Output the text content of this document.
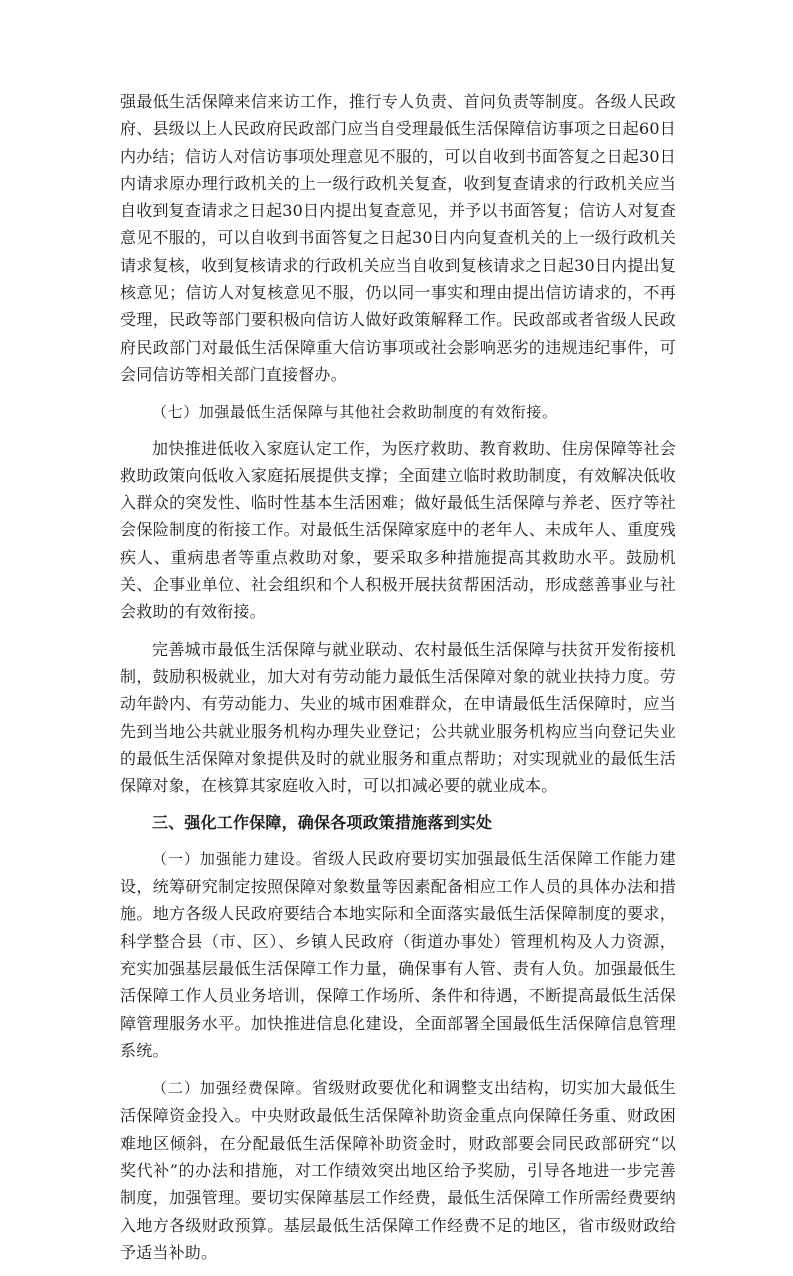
强最低生活保障来信来访工作，推行专人负责、首问负责等制度。各级人民政府、县级以上人民政府民政部门应当自受理最低生活保障信访事项之日起60日内办结；信访人对信访事项处理意见不服的，可以自收到书面答复之日起30日内请求原办理行政机关的上一级行政机关复查，收到复查请求的行政机关应当自收到复查请求之日起30日内提出复查意见，并予以书面答复；信访人对复查意见不服的，可以自收到书面答复之日起30日内向复查机关的上一级行政机关请求复核，收到复核请求的行政机关应当自收到复核请求之日起30日内提出复核意见；信访人对复核意见不服，仍以同一事实和理由提出信访请求的，不再受理，民政等部门要积极向信访人做好政策解释工作。民政部或者省级人民政府民政部门对最低生活保障重大信访事项或社会影响恶劣的违规违纪事件，可会同信访等相关部门直接督办。

（七）加强最低生活保障与其他社会救助制度的有效衔接。

加快推进低收入家庭认定工作，为医疗救助、教育救助、住房保障等社会救助政策向低收入家庭拓展提供支撑；全面建立临时救助制度，有效解决低收入群众的突发性、临时性基本生活困难；做好最低生活保障与养老、医疗等社会保险制度的衔接工作。对最低生活保障家庭中的老年人、未成年人、重度残疾人、重病患者等重点救助对象，要采取多种措施提高其救助水平。鼓励机关、企事业单位、社会组织和个人积极开展扶贫帮困活动，形成慈善事业与社会救助的有效衔接。

完善城市最低生活保障与就业联动、农村最低生活保障与扶贫开发衔接机制，鼓励积极就业，加大对有劳动能力最低生活保障对象的就业扶持力度。劳动年龄内、有劳动能力、失业的城市困难群众，在申请最低生活保障时，应当先到当地公共就业服务机构办理失业登记；公共就业服务机构应当向登记失业的最低生活保障对象提供及时的就业服务和重点帮助；对实现就业的最低生活保障对象，在核算其家庭收入时，可以扣减必要的就业成本。

三、强化工作保障，确保各项政策措施落到实处

（一）加强能力建设。省级人民政府要切实加强最低生活保障工作能力建设，统筹研究制定按照保障对象数量等因素配备相应工作人员的具体办法和措施。地方各级人民政府要结合本地实际和全面落实最低生活保障制度的要求，科学整合县（市、区）、乡镇人民政府（街道办事处）管理机构及人力资源，充实加强基层最低生活保障工作力量，确保事有人管、责有人负。加强最低生活保障工作人员业务培训，保障工作场所、条件和待遇，不断提高最低生活保障管理服务水平。加快推进信息化建设，全面部署全国最低生活保障信息管理系统。

（二）加强经费保障。省级财政要优化和调整支出结构，切实加大最低生活保障资金投入。中央财政最低生活保障补助资金重点向保障任务重、财政困难地区倾斜，在分配最低生活保障补助资金时，财政部要会同民政部研究“以奖代补”的办法和措施，对工作绩效突出地区给予奖励，引导各地进一步完善制度，加强管理。要切实保障基层工作经费，最低生活保障工作所需经费要纳入地方各级财政预算。基层最低生活保障工作经费不足的地区，省市级财政给予适当补助。
